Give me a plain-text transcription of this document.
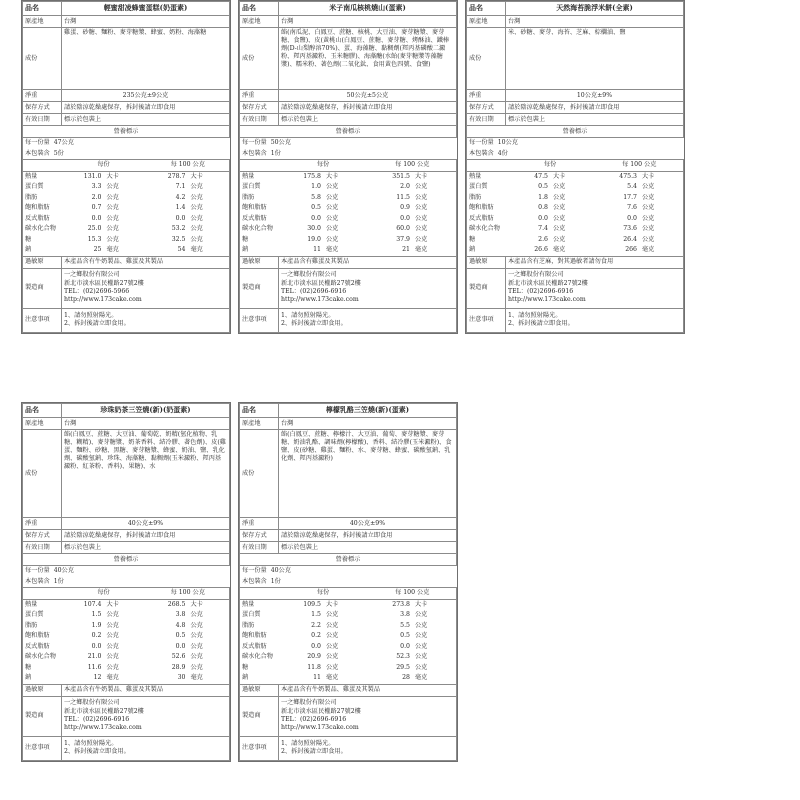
品名	輕蜜甜凌蜂蜜蛋糕(奶蛋素)			
原產地	台灣			
成份	雞蛋、砂糖、麵粉、麥芽糖漿、蜂蜜、奶粉、海藻糖			
淨重	235公克±9公克			
保存方式	請於陰涼乾燥處保存，拆封後請立即食用			
有效日期	標示於包裝上			
營養標示				
每一份量 47公克				
本包裝含 5份				
	每份		每 100 公克	
熱量	131.0	大卡	278.7	大卡
蛋白質	3.3	公克	7.1	公克
脂肪	2.0	公克	4.2	公克
飽和脂肪	0.7	公克	1.4	公克
反式脂肪	0.0	公克	0.0	公克
碳水化合物	25.0	公克	53.2	公克
糖	15.3	公克	32.5	公克
鈉	25	毫克	54	毫克
過敏原	本產品含有牛奶製品、雞蛋及其製品			
製造商	一之鄉股份有限公司
新北市淡水區民權路27號2樓
TEL：(02)2696-5966
http://www.173cake.com			

注意事項	1、請勿照射陽光。
2、拆封後請立即食用。			
品名	米子南瓜核桃燒山(蛋素)			
原產地	台灣			
成份	餡(南瓜泥、白鳳豆、蔗糖、核桃、大豆油、麥芽糖漿、麥芽糖、食鹽)、皮(黃桃山(白鳳豆、蔗糖、麥芽糖、烤酥油、鐵棒劑(D-山梨醇溶70%)、蛋、海藻糖、黏稠劑(羥丙基磷酸二澱粉、羥丙基澱粉、玉米糖膠)、海藻醣(水飴(麥芽糖漿等藻糖漿)、糯米粉、著色劑(二氧化鈦、食用黃色四號、食鹽)			
淨重	50公克±5公克			
保存方式	請於陰涼乾燥處保存，拆封後請立即食用			
有效日期	標示於包裝上			
營養標示				
每一份量 50公克				
本包裝含 1份				
	每份		每 100 公克	
熱量	175.8	大卡	351.5	大卡
蛋白質	1.0	公克	2.0	公克
脂肪	5.8	公克	11.5	公克
飽和脂肪	0.5	公克	0.9	公克
反式脂肪	0.0	公克	0.0	公克
碳水化合物	30.0	公克	60.0	公克
糖	19.0	公克	37.9	公克
鈉	11	毫克	21	毫克
過敏原	本產品含有雞蛋及其製品			
製造商	一之鄉股份有限公司
新北市淡水區民權路27號2樓
TEL：(02)2696-6916
http://www.173cake.com			

注意事項	1、請勿照射陽光。
2、拆封後請立即食用。			
品名	天然海苔脆浮米餅(全素)			
原產地	台灣			
成份	米、砂糖、麥芽、海苔、芝麻、棕櫚油、鹽			
淨重	10公克±9%			
保存方式	請於陰涼乾燥處保存，拆封後請立即食用			
有效日期	標示於包裝上			
營養標示				
每一份量 10公克				
本包裝含 4份				
	每份		每 100 公克	
熱量	47.5	大卡	475.3	大卡
蛋白質	0.5	公克	5.4	公克
脂肪	1.8	公克	17.7	公克
飽和脂肪	0.8	公克	7.6	公克
反式脂肪	0.0	公克	0.0	公克
碳水化合物	7.4	公克	73.6	公克
糖	2.6	公克	26.4	公克
鈉	26.6	毫克	266	毫克
過敏原	本產品含有芝麻，對其過敏者請勿食用			
製造商	一之鄉股份有限公司
新北市淡水區民權路27號2樓
TEL：(02)2696-6916
http://www.173cake.com			

注意事項	1、請勿照射陽光。
2、拆封後請立即食用。			
品名	珍珠奶茶三笠燒(新)(奶蛋素)			
原產地	台灣			
成份	餡(白鳳豆、蔗糖、大豆油、葡萄乾、奶精(氫化植物、乳糖、糊精)、麥芽糖漿、奶茶香料、結冷膠、著色劑)、皮(雞蛋、麵粉、砂糖、黑糖、麥芽糖漿、蜂蜜、奶油、鹽、乳化劑、碳酸氫鈉、珍珠、海藻糖、黏稠劑(玉米澱粉、羥丙基澱粉、紅茶粉、香料)、果糖)、水			
淨重	40公克±9%			
保存方式	請於陰涼乾燥處保存，拆封後請立即食用			
有效日期	標示於包裝上			
營養標示				
每一份量 40公克				
本包裝含 1份				
	每份		每 100 公克	
熱量	107.4	大卡	268.5	大卡
蛋白質	1.5	公克	3.8	公克
脂肪	1.9	公克	4.8	公克
飽和脂肪	0.2	公克	0.5	公克
反式脂肪	0.0	公克	0.0	公克
碳水化合物	21.0	公克	52.6	公克
糖	11.6	公克	28.9	公克
鈉	12	毫克	30	毫克
過敏原	本產品含有牛奶製品、雞蛋及其製品			
製造商	一之鄉股份有限公司
新北市淡水區民權路27號2樓
TEL：(02)2696-6916
http://www.173cake.com			

注意事項	1、請勿照射陽光。
2、拆封後請立即食用。			
品名	檸檬乳酪三笠燒(新)(蛋素)			
原產地	台灣			
成份	餡(白鳳豆、蔗糖、檸檬汁、大豆油、葡萄、麥芽糖漿、麥芽糖、奶油乳酪、調味劑(檸檬酸)、香料、結冷膠(玉米澱粉)、食鹽、皮(砂糖、雞蛋、麵粉、水、麥芽糖、蜂蜜、碳酸氫鈉、乳化劑、羥丙基澱粉)			
淨重	40公克±9%			
保存方式	請於陰涼乾燥處保存，拆封後請立即食用			
有效日期	標示於包裝上			
營養標示				
每一份量 40公克				
本包裝含 1份				
	每份		每 100 公克	
熱量	109.5	大卡	273.8	大卡
蛋白質	1.5	公克	3.8	公克
脂肪	2.2	公克	5.5	公克
飽和脂肪	0.2	公克	0.5	公克
反式脂肪	0.0	公克	0.0	公克
碳水化合物	20.9	公克	52.3	公克
糖	11.8	公克	29.5	公克
鈉	11	毫克	28	毫克
過敏原	本產品含有牛奶製品、雞蛋及其製品			
製造商	一之鄉股份有限公司
新北市淡水區民權路27號2樓
TEL：(02)2696-6916
http://www.173cake.com			

注意事項	1、請勿照射陽光。
2、拆封後請立即食用。			
